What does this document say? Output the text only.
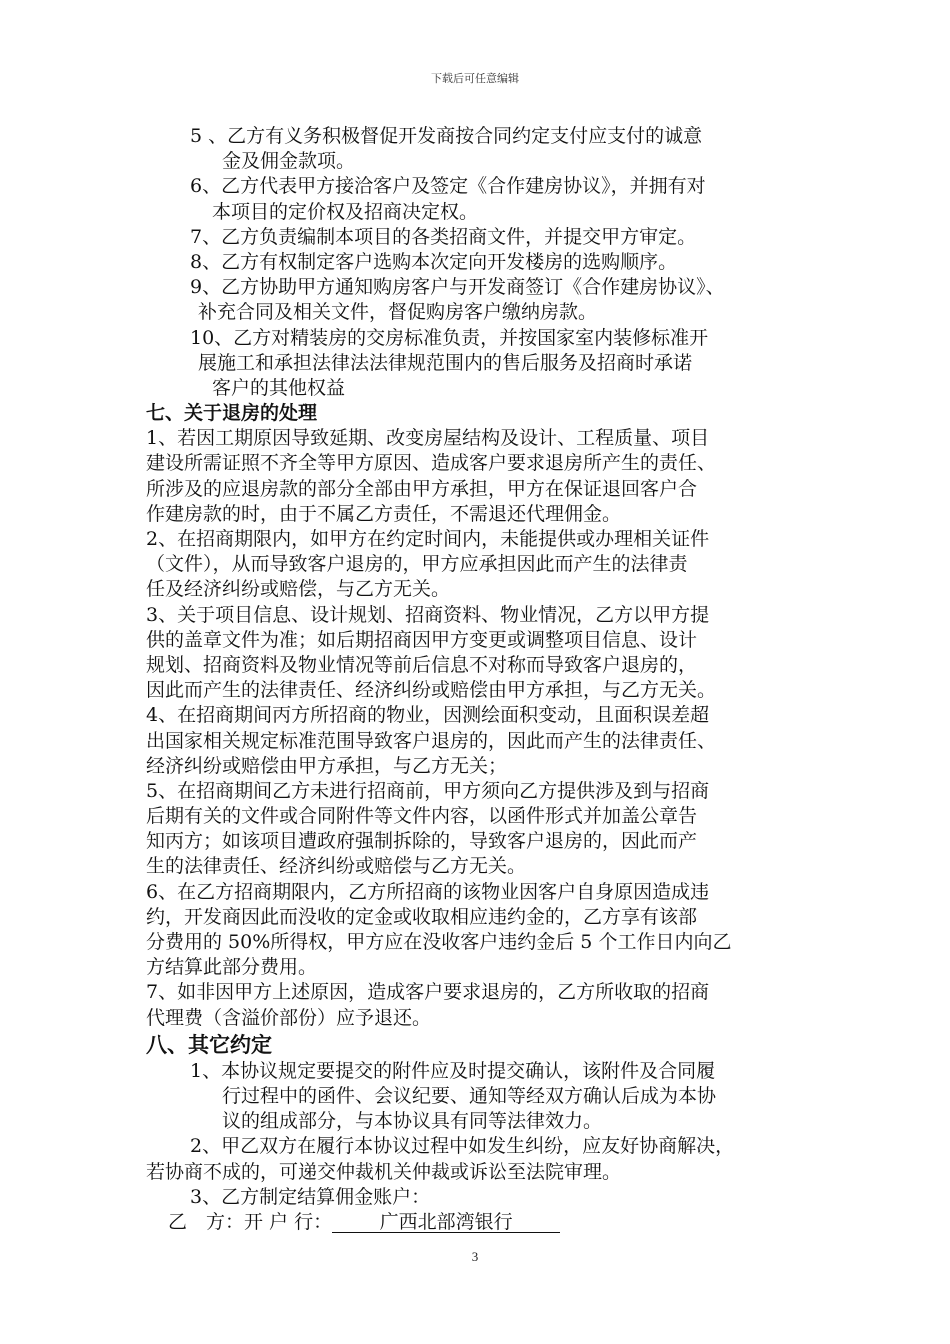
下载后可任意编辑
5 、乙方有义务积极督促开发商按合同约定支付应支付的诚意
金及佣金款项。
6、乙方代表甲方接洽客户及签定《合作建房协议》，并拥有对
本项目的定价权及招商决定权。
7、乙方负责编制本项目的各类招商文件，并提交甲方审定。
8、乙方有权制定客户选购本次定向开发楼房的选购顺序。
9、乙方协助甲方通知购房客户与开发商签订《合作建房协议》、
补充合同及相关文件，督促购房客户缴纳房款。
10、乙方对精装房的交房标准负责，并按国家室内装修标准开
展施工和承担法律法法律规范围内的售后服务及招商时承诺
客户的其他权益
七、关于退房的处理
1、若因工期原因导致延期、改变房屋结构及设计、工程质量、项目
建设所需证照不齐全等甲方原因、造成客户要求退房所产生的责任、
所涉及的应退房款的部分全部由甲方承担，甲方在保证退回客户合
作建房款的时，由于不属乙方责任，不需退还代理佣金。
2、在招商期限内，如甲方在约定时间内，未能提供或办理相关证件
（文件），从而导致客户退房的，甲方应承担因此而产生的法律责
任及经济纠纷或赔偿，与乙方无关。
3、关于项目信息、设计规划、招商资料、物业情况，乙方以甲方提
供的盖章文件为准；如后期招商因甲方变更或调整项目信息、设计
规划、招商资料及物业情况等前后信息不对称而导致客户退房的，
因此而产生的法律责任、经济纠纷或赔偿由甲方承担，与乙方无关。
4、在招商期间丙方所招商的物业，因测绘面积变动，且面积误差超
出国家相关规定标准范围导致客户退房的，因此而产生的法律责任、
经济纠纷或赔偿由甲方承担，与乙方无关；
5、在招商期间乙方未进行招商前，甲方须向乙方提供涉及到与招商
后期有关的文件或合同附件等文件内容，以函件形式并加盖公章告
知丙方；如该项目遭政府强制拆除的，导致客户退房的，因此而产
生的法律责任、经济纠纷或赔偿与乙方无关。
6、在乙方招商期限内，乙方所招商的该物业因客户自身原因造成违
约，开发商因此而没收的定金或收取相应违约金的，乙方享有该部
分费用的 50%所得权，甲方应在没收客户违约金后 5 个工作日内向乙
方结算此部分费用。
7、如非因甲方上述原因，造成客户要求退房的，乙方所收取的招商
代理费（含溢价部份）应予退还。
八、其它约定
1、本协议规定要提交的附件应及时提交确认，该附件及合同履
行过程中的函件、会议纪要、通知等经双方确认后成为本协
议的组成部分，与本协议具有同等法律效力。
2、甲乙双方在履行本协议过程中如发生纠纷，应友好协商解决，
若协商不成的，可递交仲裁机关仲裁或诉讼至法院审理。
3、乙方制定结算佣金账户：
乙　方：开 户 行：   	广西北部湾银行   
3
